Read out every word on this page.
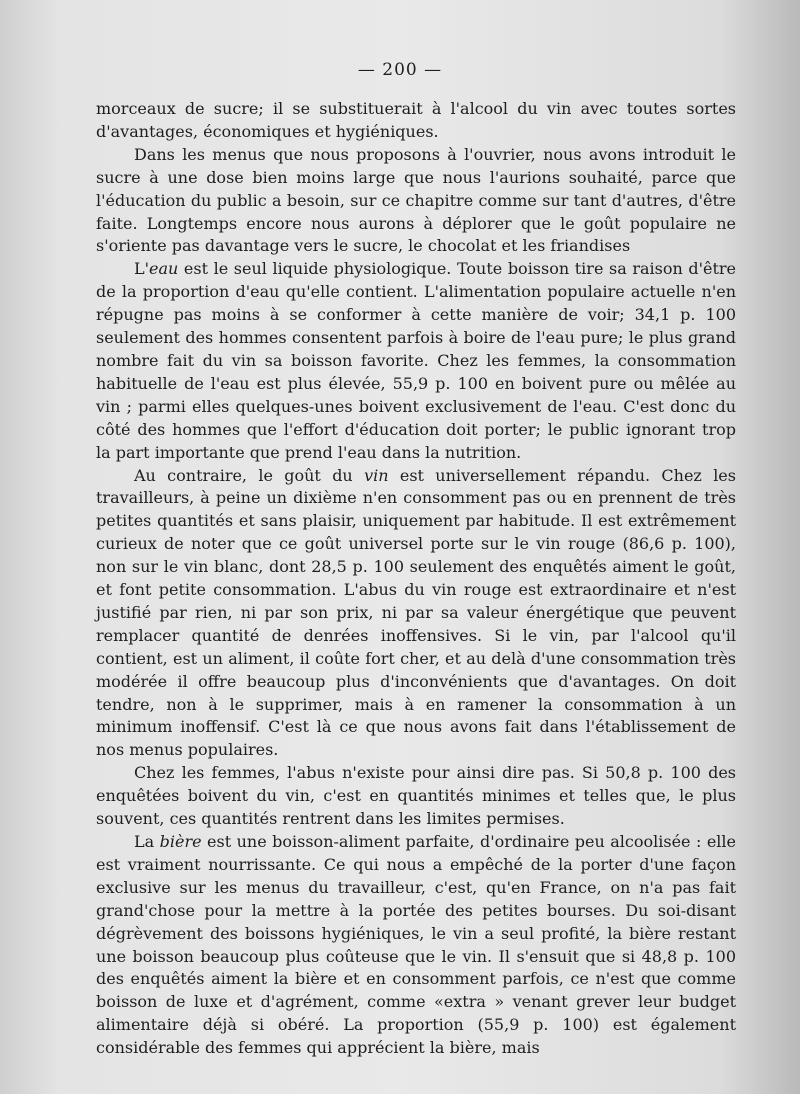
— 200 —

morceaux de sucre; il se substituerait à l'alcool du vin avec toutes sortes d'avantages, économiques et hygiéniques.

Dans les menus que nous proposons à l'ouvrier, nous avons introduit le sucre à une dose bien moins large que nous l'aurions souhaité, parce que l'éducation du public a besoin, sur ce chapitre comme sur tant d'autres, d'être faite. Longtemps encore nous aurons à déplorer que le goût populaire ne s'oriente pas davantage vers le sucre, le chocolat et les friandises

L'eau est le seul liquide physiologique. Toute boisson tire sa raison d'être de la proportion d'eau qu'elle contient. L'alimentation populaire actuelle n'en répugne pas moins à se conformer à cette manière de voir; 34,1 p. 100 seulement des hommes consentent parfois à boire de l'eau pure; le plus grand nombre fait du vin sa boisson favorite. Chez les femmes, la consommation habituelle de l'eau est plus élevée, 55,9 p. 100 en boivent pure ou mêlée au vin ; parmi elles quelques-unes boivent exclusivement de l'eau. C'est donc du côté des hommes que l'effort d'éducation doit porter; le public ignorant trop la part importante que prend l'eau dans la nutrition.

Au contraire, le goût du vin est universellement répandu. Chez les travailleurs, à peine un dixième n'en consomment pas ou en prennent de très petites quantités et sans plaisir, uniquement par habitude. Il est extrêmement curieux de noter que ce goût universel porte sur le vin rouge (86,6 p. 100), non sur le vin blanc, dont 28,5 p. 100 seulement des enquêtés aiment le goût, et font petite consommation. L'abus du vin rouge est extraordinaire et n'est justifié par rien, ni par son prix, ni par sa valeur énergétique que peuvent remplacer quantité de denrées inoffensives. Si le vin, par l'alcool qu'il contient, est un aliment, il coûte fort cher, et au delà d'une consommation très modérée il offre beaucoup plus d'inconvénients que d'avantages. On doit tendre, non à le supprimer, mais à en ramener la consommation à un minimum inoffensif. C'est là ce que nous avons fait dans l'établissement de nos menus populaires.

Chez les femmes, l'abus n'existe pour ainsi dire pas. Si 50,8 p. 100 des enquêtées boivent du vin, c'est en quantités minimes et telles que, le plus souvent, ces quantités rentrent dans les limites permises.

La bière est une boisson-aliment parfaite, d'ordinaire peu alcoolisée : elle est vraiment nourrissante. Ce qui nous a empêché de la porter d'une façon exclusive sur les menus du travailleur, c'est, qu'en France, on n'a pas fait grand'chose pour la mettre à la portée des petites bourses. Du soi-disant dégrèvement des boissons hygiéniques, le vin a seul profité, la bière restant une boisson beaucoup plus coûteuse que le vin. Il s'ensuit que si 48,8 p. 100 des enquêtés aiment la bière et en consomment parfois, ce n'est que comme boisson de luxe et d'agrément, comme «extra » venant grever leur budget alimentaire déjà si obéré. La proportion (55,9 p. 100) est également considérable des femmes qui apprécient la bière, mais
